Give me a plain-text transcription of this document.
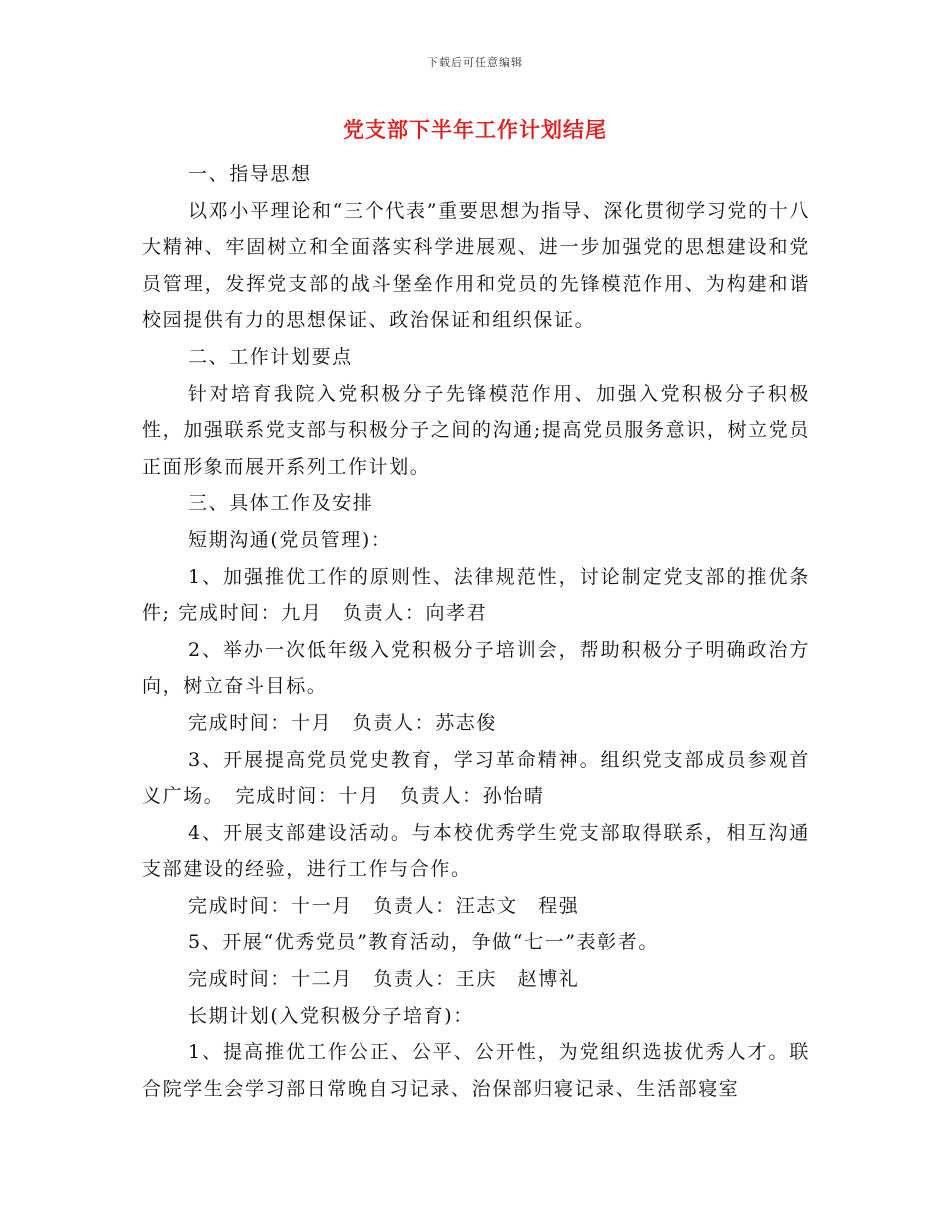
下载后可任意编辑
党支部下半年工作计划结尾

一、指导思想

以邓小平理论和“三个代表”重要思想为指导、深化贯彻学习党的十八大精神、牢固树立和全面落实科学进展观、进一步加强党的思想建设和党员管理，发挥党支部的战斗堡垒作用和党员的先锋模范作用、为构建和谐校园提供有力的思想保证、政治保证和组织保证。

二、工作计划要点

针对培育我院入党积极分子先锋模范作用、加强入党积极分子积极性，加强联系党支部与积极分子之间的沟通;提高党员服务意识，树立党员正面形象而展开系列工作计划。

三、具体工作及安排

短期沟通(党员管理)：

1、加强推优工作的原则性、法律规范性，讨论制定党支部的推优条件; 完成时间：九月　负责人：向孝君

2、举办一次低年级入党积极分子培训会，帮助积极分子明确政治方向，树立奋斗目标。

完成时间：十月　负责人：苏志俊

3、开展提高党员党史教育，学习革命精神。组织党支部成员参观首义广场。　完成时间：十月　负责人：孙怡晴

4、开展支部建设活动。与本校优秀学生党支部取得联系，相互沟通支部建设的经验，进行工作与合作。

完成时间：十一月　负责人：汪志文　程强

5、开展“优秀党员”教育活动，争做“七一”表彰者。

完成时间：十二月　负责人：王庆　赵博礼

长期计划(入党积极分子培育)：

1、提高推优工作公正、公平、公开性，为党组织选拔优秀人才。联合院学生会学习部日常晚自习记录、治保部归寝记录、生活部寝室
